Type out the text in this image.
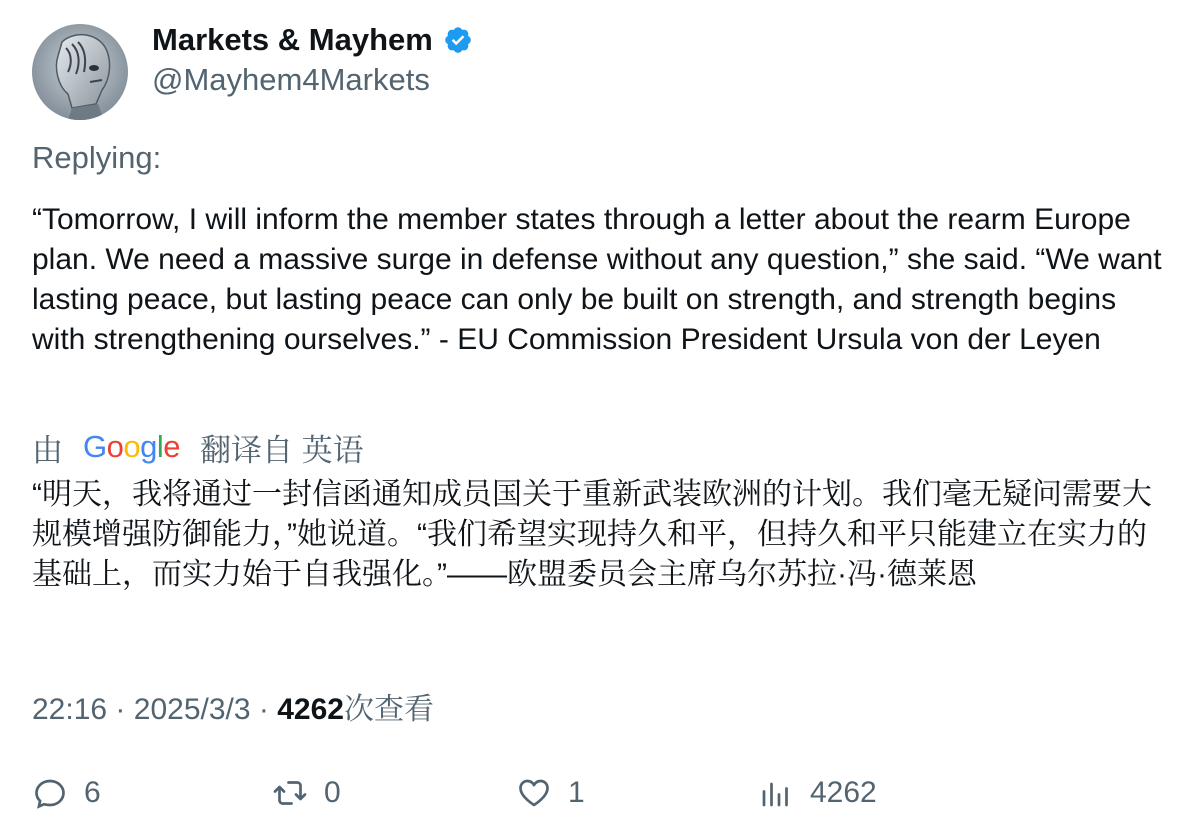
Markets & Mayhem
@Mayhem4Markets
Replying:
“Tomorrow, I will inform the member states through a letter about the rearm Europe plan. We need a massive surge in defense without any question,” she said. “We want lasting peace, but lasting peace can only be built on strength, and strength begins with strengthening ourselves.” - EU Commission President Ursula von der Leyen
由 Google 翻译自 英语
“明天，我将通过一封信函通知成员国关于重新武装欧洲的计划。我们毫无疑问需要大规模增强防御能力，”她说道。“我们希望实现持久和平，但持久和平只能建立在实力的基础上，而实力始于自我强化。”——欧盟委员会主席乌尔苏拉·冯·德莱恩
22:16 · 2025/3/3 · 4262次查看
6	0	1	4262
